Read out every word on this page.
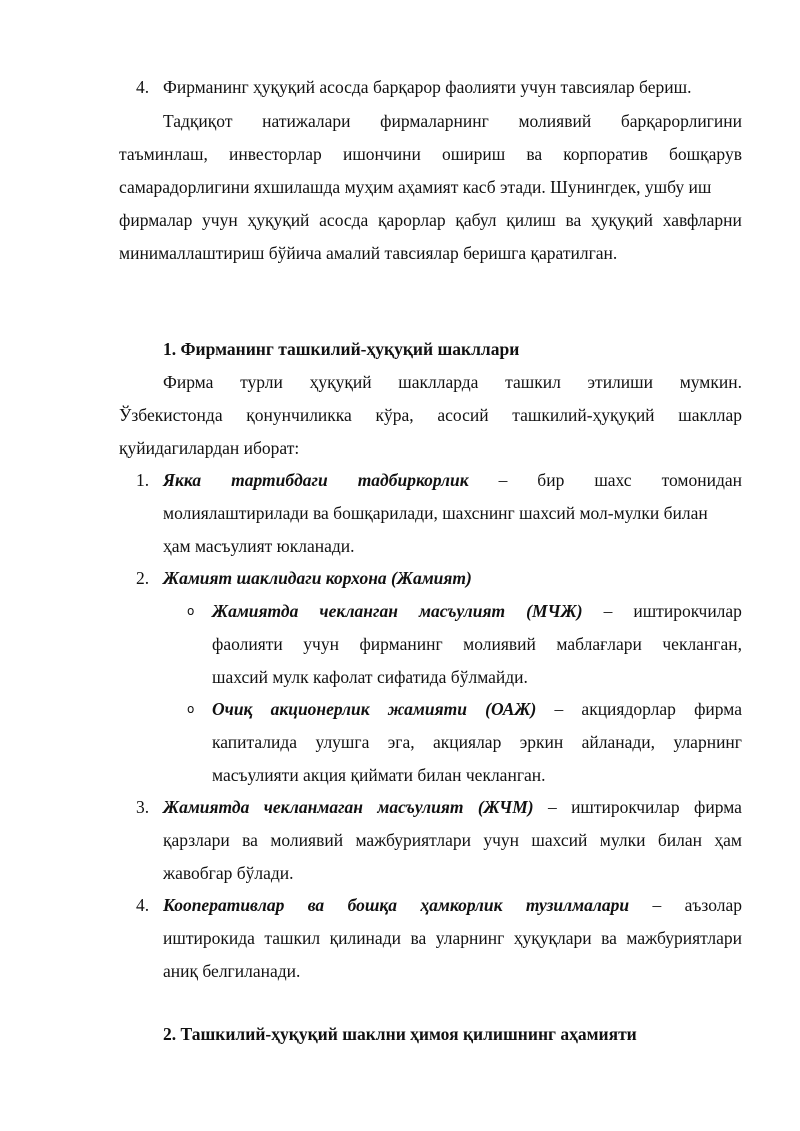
4. Фирманинг ҳуқуқий асосда барқарор фаолияти учун тавсиялар бериш.
Тадқиқот натижалари фирмаларнинг молиявий барқарорлигини
таъминлаш, инвесторлар ишончини ошириш ва корпоратив бошқарув
самарадорлигини яхшилашда муҳим аҳамият касб этади. Шунингдек, ушбу иш
фирмалар учун ҳуқуқий асосда қарорлар қабул қилиш ва ҳуқуқий хавфларни
минималлаштириш бўйича амалий тавсиялар беришга қаратилган.
1. Фирманинг ташкилий-ҳуқуқий шакллари
Фирма турли ҳуқуқий шаклларда ташкил этилиши мумкин.
Ўзбекистонда қонунчиликка кўра, асосий ташкилий-ҳуқуқий шакллар
қуйидагилардан иборат:
1. Якка тартибдаги тадбиркорлик – бир шахс томонидан
молиялаштирилади ва бошқарилади, шахснинг шахсий мол-мулки билан
ҳам масъулият юкланади.
2. Жамият шаклидаги корхона (Жамият)
o Жамиятда чекланган масъулият (МЧЖ) – иштирокчилар
фаолияти учун фирманинг молиявий маблағлари чекланган,
шахсий мулк кафолат сифатида бўлмайди.
o Очиқ акционерлик жамияти (ОАЖ) – акциядорлар фирма
капиталида улушга эга, акциялар эркин айланади, уларнинг
масъулияти акция қиймати билан чекланган.
3. Жамиятда чекланмаган масъулият (ЖЧМ) – иштирокчилар фирма
қарзлари ва молиявий мажбуриятлари учун шахсий мулки билан ҳам
жавобгар бўлади.
4. Кооперативлар ва бошқа ҳамкорлик тузилмалари – аъзолар
иштирокида ташкил қилинади ва уларнинг ҳуқуқлари ва мажбуриятлари
аниқ белгиланади.
2. Ташкилий-ҳуқуқий шаклни ҳимоя қилишнинг аҳамияти
